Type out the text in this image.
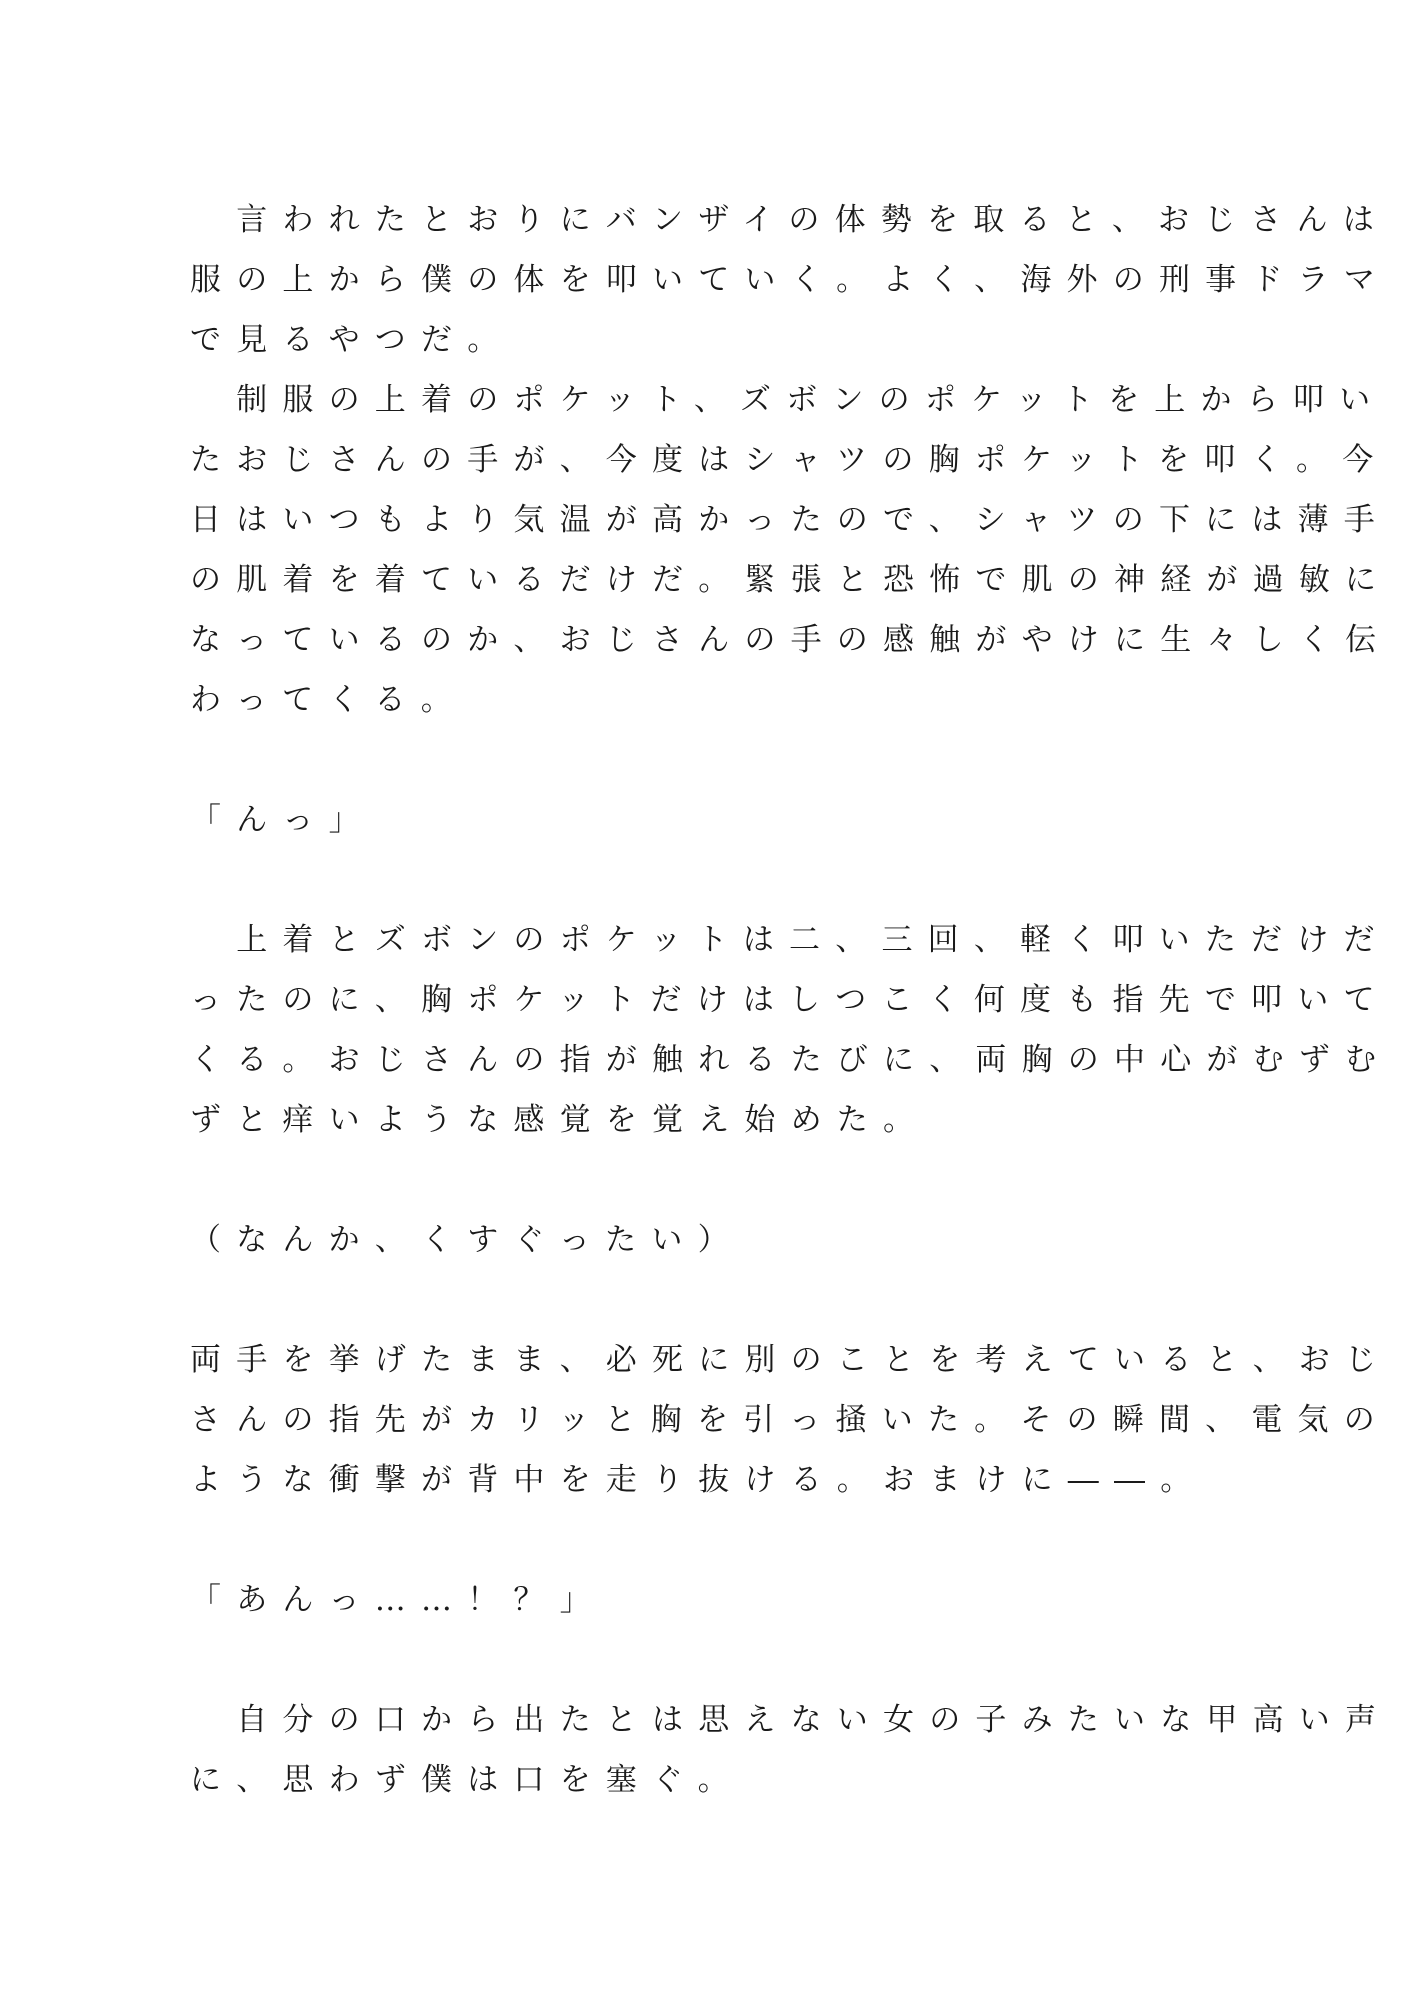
　言われたとおりにバンザイの体勢を取ると、おじさんは
服の上から僕の体を叩いていく。よく、海外の刑事ドラマ
で見るやつだ。
　制服の上着のポケット、ズボンのポケットを上から叩い
たおじさんの手が、今度はシャツの胸ポケットを叩く。今
日はいつもより気温が高かったので、シャツの下には薄手
の肌着を着ているだけだ。緊張と恐怖で肌の神経が過敏に
なっているのか、おじさんの手の感触がやけに生々しく伝
わってくる。
「んっ」
　上着とズボンのポケットは二、三回、軽く叩いただけだ
ったのに、胸ポケットだけはしつこく何度も指先で叩いて
くる。おじさんの指が触れるたびに、両胸の中心がむずむ
ずと痒いような感覚を覚え始めた。
（なんか、くすぐったい）
両手を挙げたまま、必死に別のことを考えていると、おじ
さんの指先がカリッと胸を引っ掻いた。その瞬間、電気の
ような衝撃が背中を走り抜ける。おまけに――。
「あんっ……！？」
　自分の口から出たとは思えない女の子みたいな甲高い声
に、思わず僕は口を塞ぐ。
